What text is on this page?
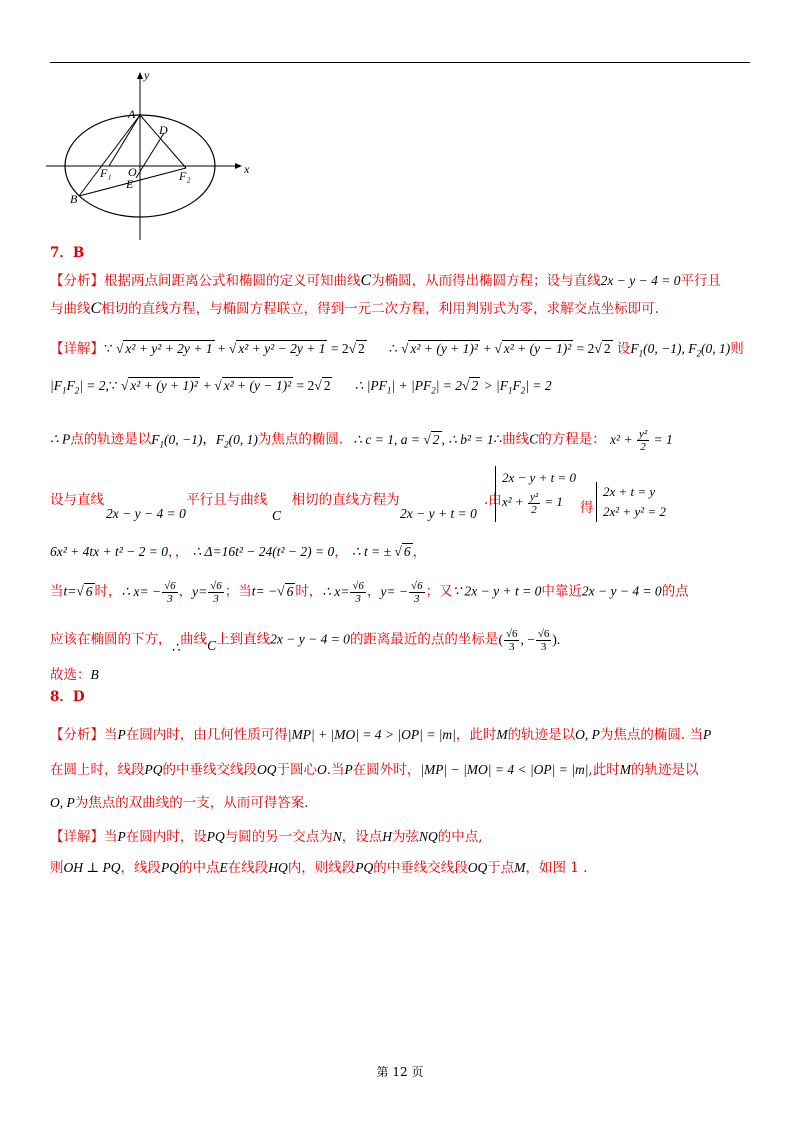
y
x
A
D
F₁ O
E
F₂
B
7．B
【分析】根据两点间距离公式和椭圆的定义可知曲线C为椭圆，从而得出椭圆方程；设与直线2x − y − 4 = 0平行且
与曲线C相切的直线方程，与椭圆方程联立，得到一元二次方程，利用判别式为零，求解交点坐标即可.
【详解】∵ √ x² + y² + 2y + 1 + √ x² + y² − 2y + 1 = 2√ 2 ∴ √ x² + (y + 1)² + √ x² + (y − 1)² = 2√ 2 设$F_1(0$, −1), $F_2(0$, 1)则
$|F_1F_2|$ = 2,∵ √ x² + (y + 1)² + √ x² + (y − 1)² = 2√ 2 ∴ $|PF_1| + |PF_2| = 2√$ $2 > |F_1F_2| = 2$
∴ P点的轨迹是以$F_1(0$, −1)，$F_2(0$, 1)为焦点的椭圆. ∴ c = 1, a = √ 2 , ∴ b² = 1∴曲线C的方程是： $x^2 + \frac{\text{y²}}{2} = 1$
设与直线
2x − y − 4 = 0
平行且与曲线
C
相切的直线方程为
2x − y + t = 0
.由
2x − y + t = 0
$x^2 + \frac{\text{y²}}{2} = 1$	得
2x + t = y
2x² + y² = 2
6x² + 4tx + t² − 2 = 0，， ∴ Δ=16t² − 24(t² − 2) = 0， ∴ t = ± √ 6 ，
当t=√ 6 时，∴ $x= - \frac{√6}{3}$ ，$y= \frac{√6}{3}$ ；当t= −√ 6 时，∴ $x= \frac{√6}{3}$ ，$y= - \frac{√6}{3}$ ；又∵ 2x − y + t = 0中靠近2x − y − 4 = 0的点
应该在椭圆的下方，∴曲线C上到直线2x − y − 4 = 0的距离最近的点的坐标是( $\frac{√6}{3}$ , − $\frac{√6}{3}$ ).
故选：B
8．D
【分析】当P在圆内时，由几何性质可得|MP| + |MO| = 4 > |OP| = |m|，此时M的轨迹是以O, P为焦点的椭圆. 当P
在圆上时，线段PQ的中垂线交线段OQ于圆心O.当P在圆外时，|MP| − |MO| = 4 < |OP| = |m|,此时M的轨迹是以
O, P为焦点的双曲线的一支，从而可得答案.
【详解】当P在圆内时，设PQ与圆的另一交点为N，设点H为弦NQ的中点,
则OH ⊥ PQ，线段PQ的中点E在线段HQ内，则线段PQ的中垂线交线段OQ于点M，如图 1 .
第 12 页
